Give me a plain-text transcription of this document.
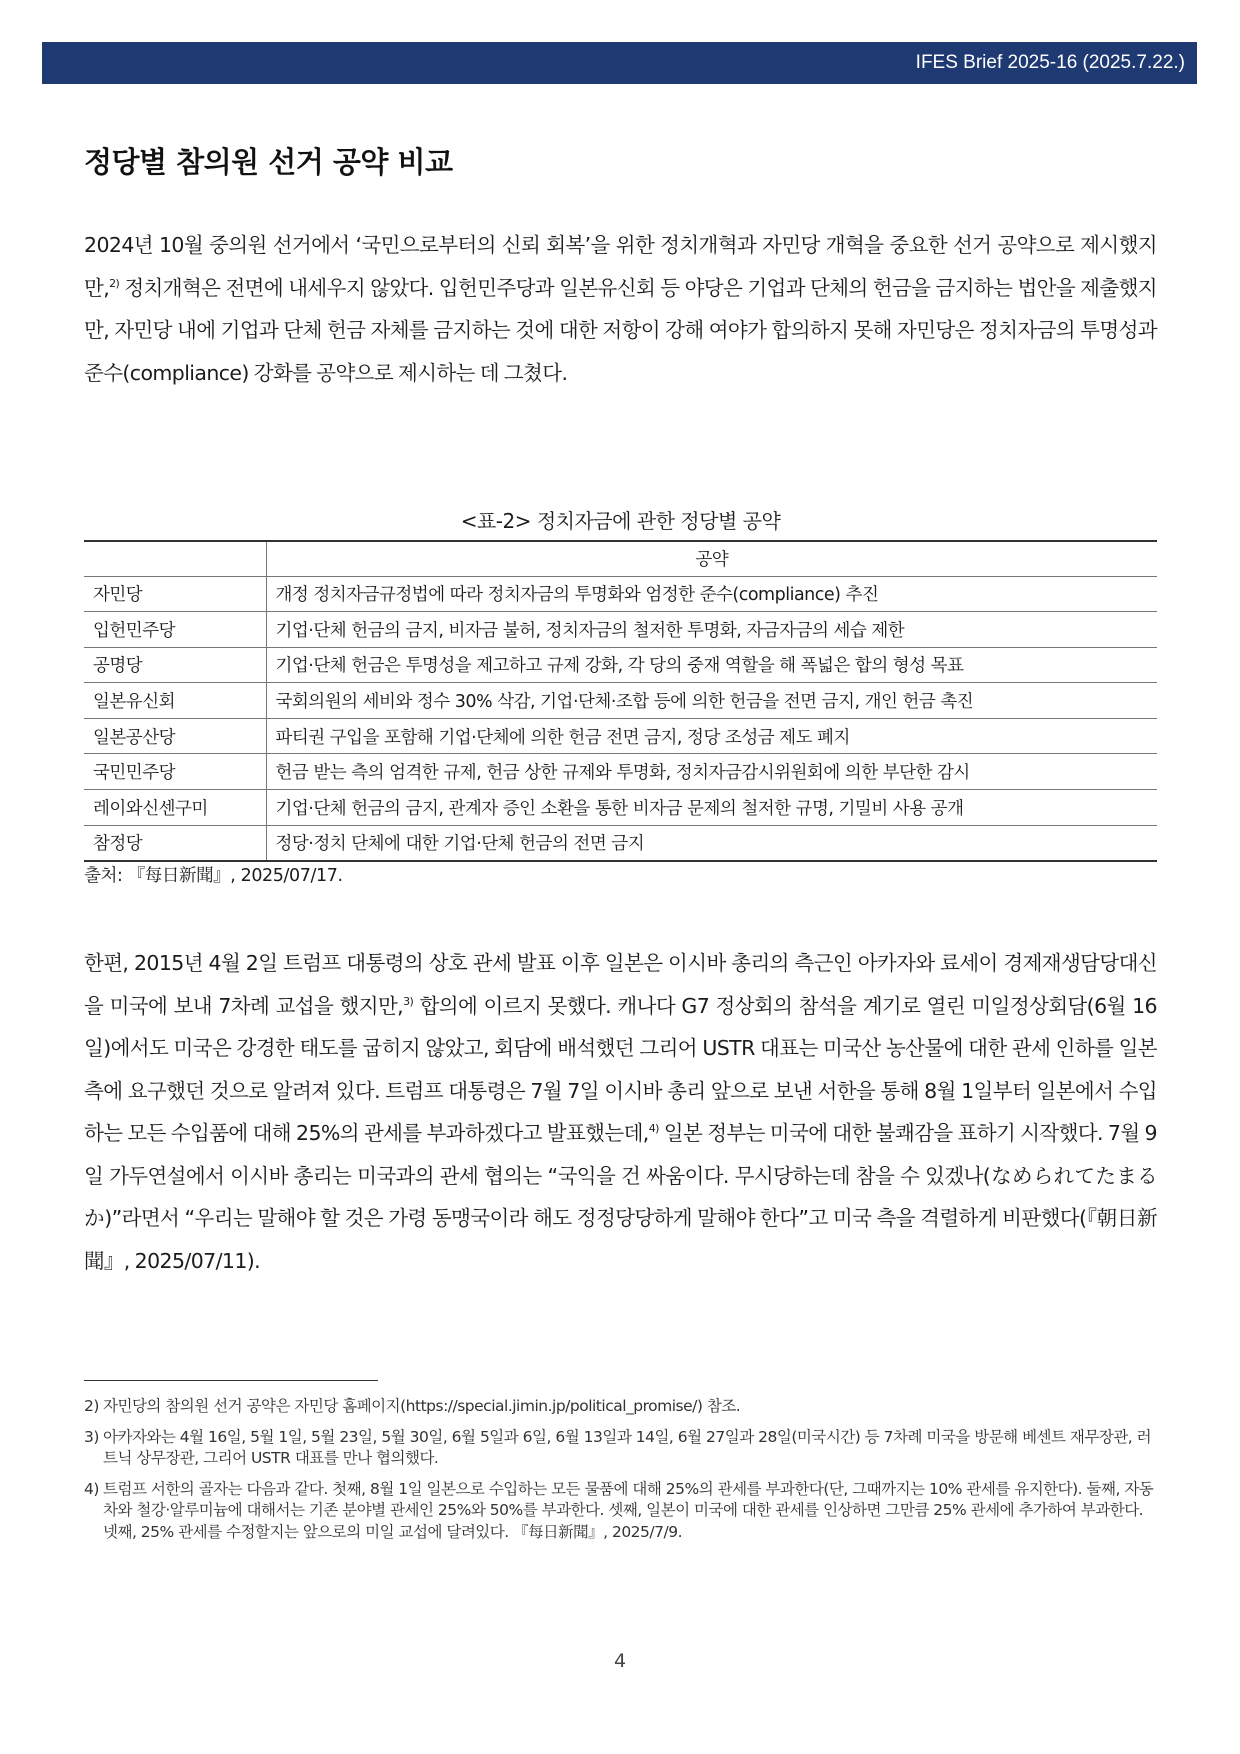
IFES Brief 2025-16 (2025.7.22.)
정당별 참의원 선거 공약 비교

2024년 10월 중의원 선거에서 ‘국민으로부터의 신뢰 회복’을 위한 정치개혁과 자민당 개혁을 중요한 선거 공약으로 제시했지만,$^{2)}$ 정치개혁은 전면에 내세우지 않았다. 입헌민주당과 일본유신회 등 야당은 기업과 단체의 헌금을 금지하는 법안을 제출했지만, 자민당 내에 기업과 단체 헌금 자체를 금지하는 것에 대한 저항이 강해 여야가 합의하지 못해 자민당은 정치자금의 투명성과 준수(compliance) 강화를 공약으로 제시하는 데 그쳤다.

<표-2> 정치자금에 관한 정당별 공약
	공약
자민당	개정 정치자금규정법에 따라 정치자금의 투명화와 엄정한 준수(compliance) 추진
입헌민주당	기업·단체 헌금의 금지, 비자금 불허, 정치자금의 철저한 투명화, 자금자금의 세습 제한
공명당	기업·단체 헌금은 투명성을 제고하고 규제 강화, 각 당의 중재 역할을 해 폭넓은 합의 형성 목표
일본유신회	국회의원의 세비와 정수 30% 삭감, 기업·단체·조합 등에 의한 헌금을 전면 금지, 개인 헌금 촉진
일본공산당	파티권 구입을 포함해 기업·단체에 의한 헌금 전면 금지, 정당 조성금 제도 폐지
국민민주당	헌금 받는 측의 엄격한 규제, 헌금 상한 규제와 투명화, 정치자금감시위원회에 의한 부단한 감시
레이와신센구미	기업·단체 헌금의 금지, 관계자 증인 소환을 통한 비자금 문제의 철저한 규명, 기밀비 사용 공개
참정당	정당·정치 단체에 대한 기업·단체 헌금의 전면 금지
출처: 『每日新聞』, 2025/07/17.

한편, 2015년 4월 2일 트럼프 대통령의 상호 관세 발표 이후 일본은 이시바 총리의 측근인 아카자와 료세이 경제재생담당대신을 미국에 보내 7차례 교섭을 했지만,$^{3)}$ 합의에 이르지 못했다. 캐나다 G7 정상회의 참석을 계기로 열린 미일정상회담(6월 16일)에서도 미국은 강경한 태도를 굽히지 않았고, 회담에 배석했던 그리어 USTR 대표는 미국산 농산물에 대한 관세 인하를 일본 측에 요구했던 것으로 알려져 있다. 트럼프 대통령은 7월 7일 이시바 총리 앞으로 보낸 서한을 통해 8월 1일부터 일본에서 수입하는 모든 수입품에 대해 25%의 관세를 부과하겠다고 발표했는데,$^{4)}$ 일본 정부는 미국에 대한 불쾌감을 표하기 시작했다. 7월 9일 가두연설에서 이시바 총리는 미국과의 관세 협의는 “국익을 건 싸움이다. 무시당하는데 참을 수 있겠나(なめられてたまるか)”라면서 “우리는 말해야 할 것은 가령 동맹국이라 해도 정정당당하게 말해야 한다”고 미국 측을 격렬하게 비판했다(『朝日新聞』, 2025/07/11).

2) 자민당의 참의원 선거 공약은 자민당 홈페이지(https://special.jimin.jp/political_promise/) 참조.
3) 아카자와는 4월 16일, 5월 1일, 5월 23일, 5월 30일, 6월 5일과 6일, 6월 13일과 14일, 6월 27일과 28일(미국시간) 등 7차례 미국을 방문해 베센트 재무장관, 러트닉 상무장관, 그리어 USTR 대표를 만나 협의했다.
4) 트럼프 서한의 골자는 다음과 같다. 첫째, 8월 1일 일본으로 수입하는 모든 물품에 대해 25%의 관세를 부과한다(단, 그때까지는 10% 관세를 유지한다). 둘째, 자동차와 철강·알루미늄에 대해서는 기존 분야별 관세인 25%와 50%를 부과한다. 셋째, 일본이 미국에 대한 관세를 인상하면 그만큼 25% 관세에 추가하여 부과한다. 넷째, 25% 관세를 수정할지는 앞으로의 미일 교섭에 달려있다. 『每日新聞』, 2025/7/9.
4
